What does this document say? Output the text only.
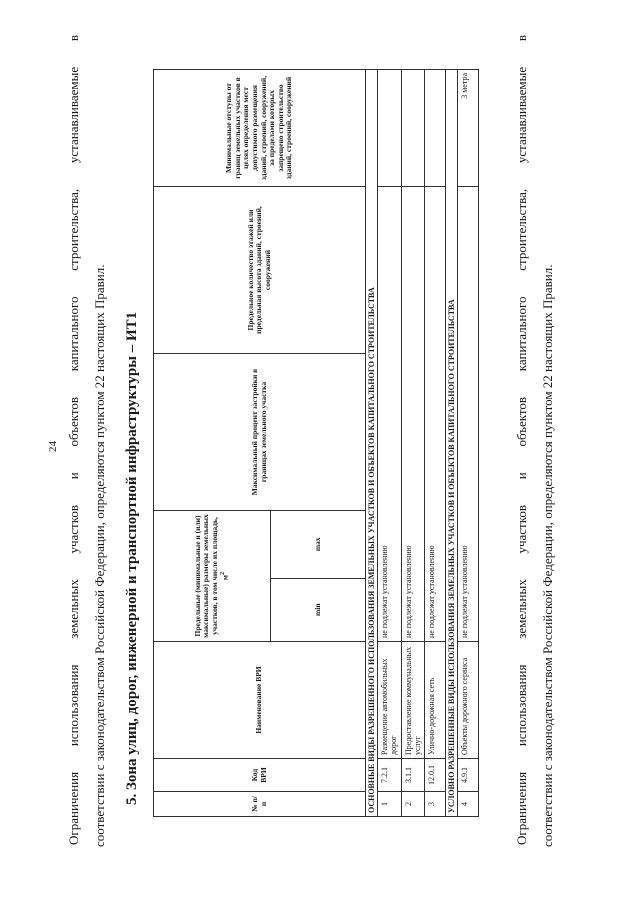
24 Ограничения использования земельных участков и объектов капитального строительства, устанавливаемые в соответствии с законодательством Российской Федерации, определяются пунктом 22 настоящих Правил. 5. Зона улиц, дорог, инженерной и транспортной инфраструктуры – ИТ1	№ п/п	Код ВРИ	Наименование ВРИ	Предельные (минимальные и (или) максимальные) размеры земельных участков, в том числе их площадь, $м^2$		Максимальный процент застройки в границах земельного участка	Предельное количество этажей или предельная высота зданий, строений, сооружений	Минимальные отступы от границ земельных участков в целях определения мест допустимого размещения зданий, строений, сооружений, за пределами которых запрещено строительство зданий, строений, сооружений
			min	max			
ОСНОВНЫЕ ВИДЫ РАЗРЕШЕННОГО ИСПОЛЬЗОВАНИЯ ЗЕМЕЛЬНЫХ УЧАСТКОВ И ОБЪЕКТОВ КАПИТАЛЬНОГО СТРОИТЕЛЬСТВА							
1	7.2.1	Размещение автомобильных дорог	не подлежат установлению				
2	3.1.1	Предоставление коммунальных услуг	не подлежат установлению				
3	12.0.1	Улично-дорожная сеть	не подлежат установлению				
УСЛОВНО РАЗРЕШЕННЫЕ ВИДЫ ИСПОЛЬЗОВАНИЯ ЗЕМЕЛЬНЫХ УЧАСТКОВ И ОБЪЕКТОВ КАПИТАЛЬНОГО СТРОИТЕЛЬСТВА							
4	4.9.1	Объекты дорожного сервиса	не подлежат установлению				3 метра	Ограничения использования земельных участков и объектов капитального строительства, устанавливаемые в соответствии с законодательством Российской Федерации, определяются пунктом 22 настоящих Правил.
